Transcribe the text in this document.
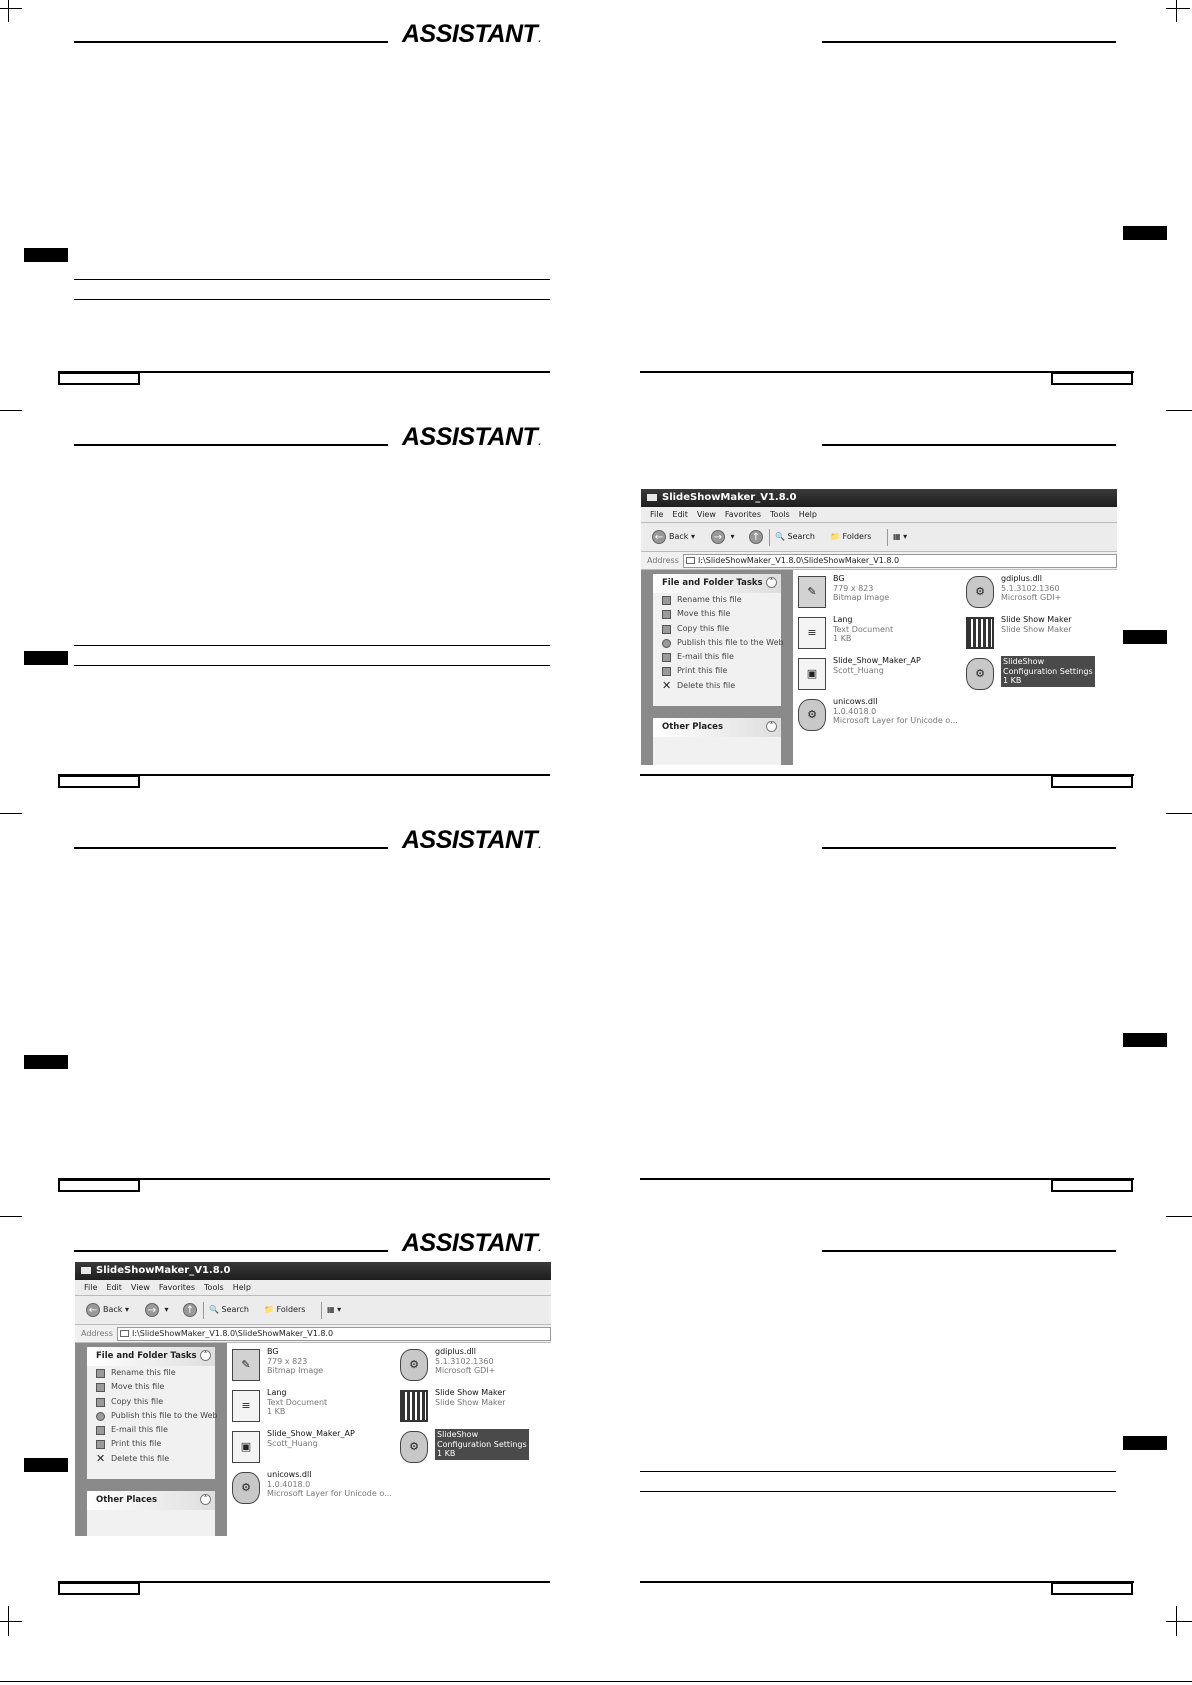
ASSISTANT.
ASSISTANT.
SlideShowMaker_V1.8.0
File Edit View Favorites Tools Help
← Back ▾ → ▾ ↑	🔍 Search 📁 Folders	▦ ▾
Address	I:\SlideShowMaker_V1.8.0\SlideShowMaker_V1.8.0
File and Folder Tasks	˄
Rename this file
Move this file
Copy this file
Publish this file to the Web
E-mail this file
Print this file
✕ Delete this file
Other Places	˄
✎
BG
779 x 823
Bitmap Image	⚙
gdiplus.dll
5.1.3102.1360
Microsoft GDI+
≡
Lang
Text Document
1 KB
Slide Show Maker
Slide Show Maker
▣
Slide_Show_Maker_AP
Scott_Huang	⚙
SlideShow
Configuration Settings
1 KB
⚙
unicows.dll
1.0.4018.0
Microsoft Layer for Unicode o...
ASSISTANT.
ASSISTANT.
SlideShowMaker_V1.8.0
File Edit View Favorites Tools Help
← Back ▾ → ▾ ↑	🔍 Search 📁 Folders	▦ ▾
Address	I:\SlideShowMaker_V1.8.0\SlideShowMaker_V1.8.0
File and Folder Tasks	˄
Rename this file
Move this file
Copy this file
Publish this file to the Web
E-mail this file
Print this file
✕ Delete this file
Other Places	˄
✎
BG
779 x 823
Bitmap Image	⚙
gdiplus.dll
5.1.3102.1360
Microsoft GDI+
≡
Lang
Text Document
1 KB
Slide Show Maker
Slide Show Maker
▣
Slide_Show_Maker_AP
Scott_Huang	⚙
SlideShow
Configuration Settings
1 KB
⚙
unicows.dll
1.0.4018.0
Microsoft Layer for Unicode o...
